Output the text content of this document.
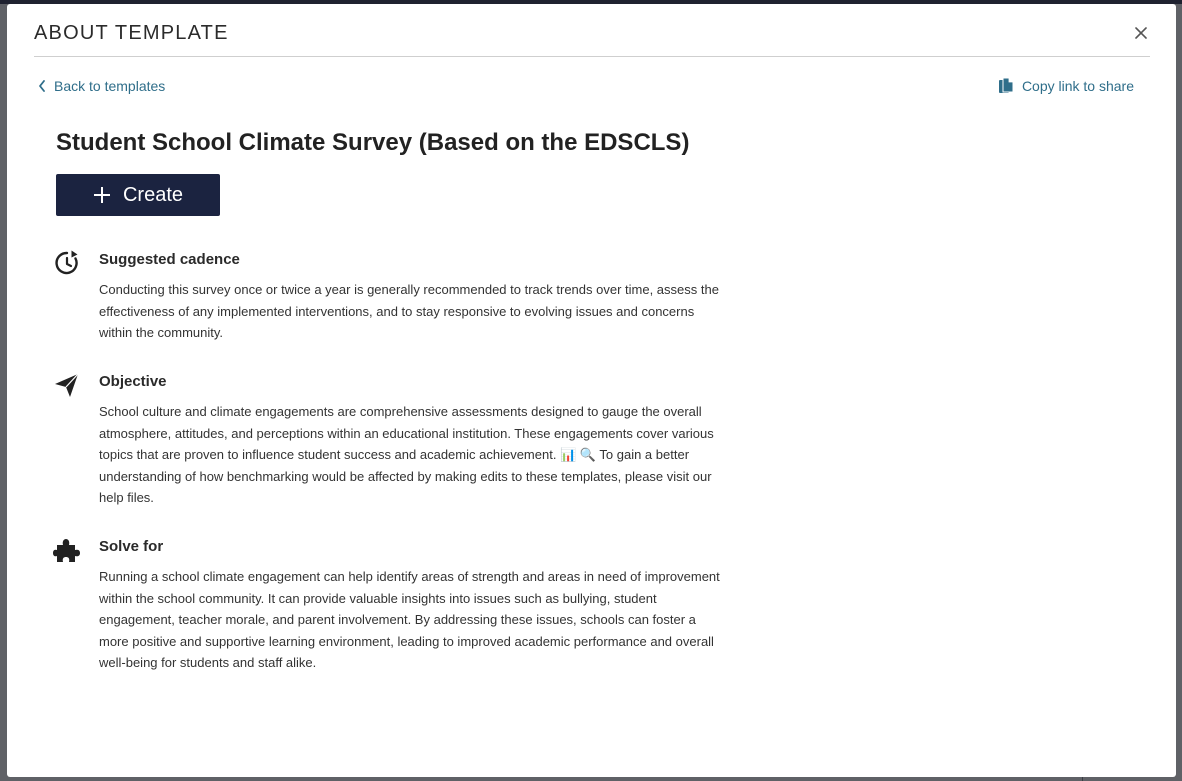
ABOUT TEMPLATE
Back to templates	Copy link to share
Student School Climate Survey (Based on the EDSCLS)
Create
Suggested cadence
Conducting this survey once or twice a year is generally recommended to track trends over time, assess the effectiveness of any implemented interventions, and to stay responsive to evolving issues and concerns within the community.
Objective
School culture and climate engagements are comprehensive assessments designed to gauge the overall atmosphere, attitudes, and perceptions within an educational institution. These engagements cover various topics that are proven to influence student success and academic achievement. 📊 🔍 To gain a better understanding of how benchmarking would be affected by making edits to these templates, please visit our help files.
Solve for
Running a school climate engagement can help identify areas of strength and areas in need of improvement within the school community. It can provide valuable insights into issues such as bullying, student engagement, teacher morale, and parent involvement. By addressing these issues, schools can foster a more positive and supportive learning environment, leading to improved academic performance and overall well-being for students and staff alike.
